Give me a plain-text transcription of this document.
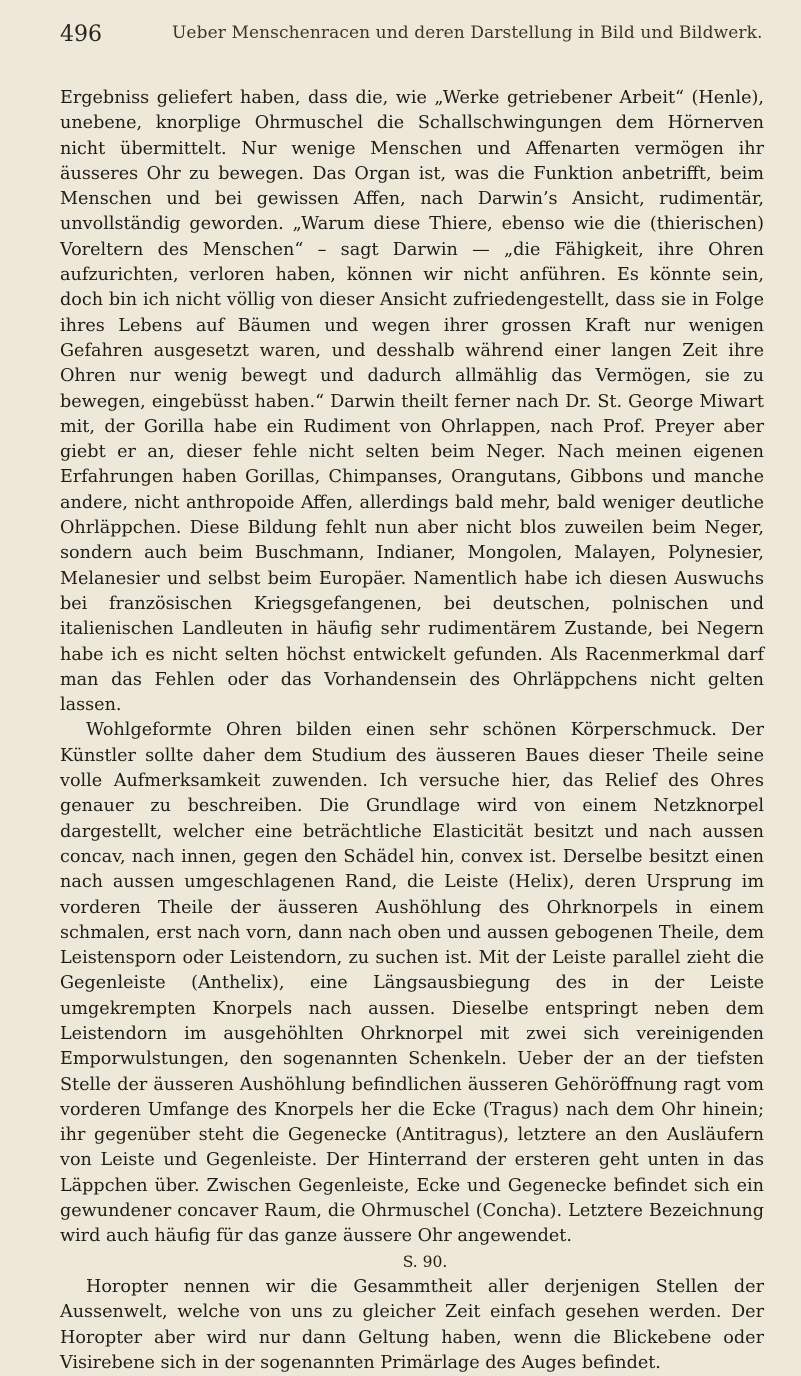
496	Ueber Menschenracen und deren Darstellung in Bild und Bildwerk.

Ergebniss geliefert haben, dass die, wie „Werke getriebener Arbeit“ (Henle), unebene, knorplige Ohrmuschel die Schallschwingungen dem Hörnerven nicht übermittelt. Nur wenige Menschen und Affenarten vermögen ihr äusseres Ohr zu bewegen. Das Organ ist, was die Funktion anbetrifft, beim Menschen und bei gewissen Affen, nach Darwin’s Ansicht, rudimentär, unvollständig geworden. „Warum diese Thiere, ebenso wie die (thierischen) Voreltern des Menschen“ – sagt Darwin — „die Fähigkeit, ihre Ohren aufzurichten, verloren haben, können wir nicht anführen. Es könnte sein, doch bin ich nicht völlig von dieser Ansicht zufriedengestellt, dass sie in Folge ihres Lebens auf Bäumen und wegen ihrer grossen Kraft nur wenigen Gefahren ausgesetzt waren, und desshalb während einer langen Zeit ihre Ohren nur wenig bewegt und dadurch allmählig das Vermögen, sie zu bewegen, eingebüsst haben.“ Darwin theilt ferner nach Dr. St. George Miwart mit, der Gorilla habe ein Rudiment von Ohrlappen, nach Prof. Preyer aber giebt er an, dieser fehle nicht selten beim Neger. Nach meinen eigenen Erfahrungen haben Gorillas, Chimpanses, Orangutans, Gibbons und manche andere, nicht anthropoide Affen, allerdings bald mehr, bald weniger deutliche Ohrläppchen. Diese Bildung fehlt nun aber nicht blos zuweilen beim Neger, sondern auch beim Buschmann, Indianer, Mongolen, Malayen, Polynesier, Melanesier und selbst beim Europäer. Namentlich habe ich diesen Auswuchs bei französischen Kriegsgefangenen, bei deutschen, polnischen und italienischen Landleuten in häufig sehr rudimentärem Zustande, bei Negern habe ich es nicht selten höchst entwickelt gefunden. Als Racenmerkmal darf man das Fehlen oder das Vorhandensein des Ohrläppchens nicht gelten lassen.

Wohlgeformte Ohren bilden einen sehr schönen Körperschmuck. Der Künstler sollte daher dem Studium des äusseren Baues dieser Theile seine volle Aufmerksamkeit zuwenden. Ich versuche hier, das Relief des Ohres genauer zu beschreiben. Die Grundlage wird von einem Netzknorpel dargestellt, welcher eine beträchtliche Elasticität besitzt und nach aussen concav, nach innen, gegen den Schädel hin, convex ist. Derselbe besitzt einen nach aussen umgeschlagenen Rand, die Leiste (Helix), deren Ursprung im vorderen Theile der äusseren Aushöhlung des Ohrknorpels in einem schmalen, erst nach vorn, dann nach oben und aussen gebogenen Theile, dem Leistensporn oder Leistendorn, zu suchen ist. Mit der Leiste parallel zieht die Gegenleiste (Anthelix), eine Längsausbiegung des in der Leiste umgekrempten Knorpels nach aussen. Dieselbe entspringt neben dem Leistendorn im ausgehöhlten Ohrknorpel mit zwei sich vereinigenden Emporwulstungen, den sogenannten Schenkeln. Ueber der an der tiefsten Stelle der äusseren Aushöhlung befindlichen äusseren Gehöröffnung ragt vom vorderen Umfange des Knorpels her die Ecke (Tragus) nach dem Ohr hinein; ihr gegenüber steht die Gegenecke (Antitragus), letztere an den Ausläufern von Leiste und Gegenleiste. Der Hinterrand der ersteren geht unten in das Läppchen über. Zwischen Gegenleiste, Ecke und Gegenecke befindet sich ein gewundener concaver Raum, die Ohrmuschel (Concha). Letztere Bezeichnung wird auch häufig für das ganze äussere Ohr angewendet.

S. 90.

Horopter nennen wir die Gesammtheit aller derjenigen Stellen der Aussenwelt, welche von uns zu gleicher Zeit einfach gesehen werden. Der Horopter aber wird nur dann Geltung haben, wenn die Blickebene oder Visirebene sich in der sogenannten Primärlage des Auges befindet.
